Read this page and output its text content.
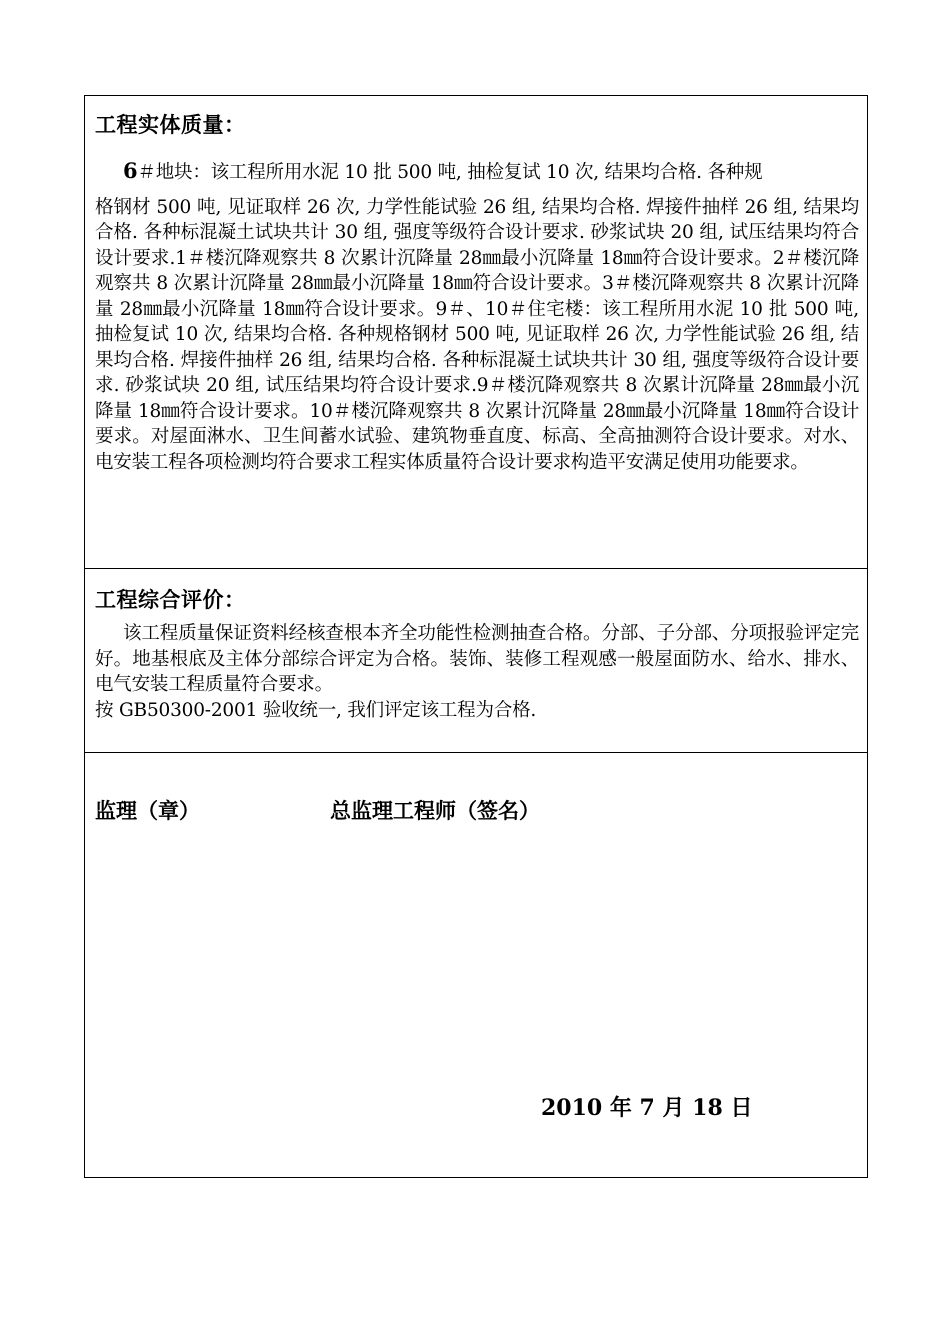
工程实体质量：
6＃地块：该工程所用水泥 10 批 500 吨, 抽检复试 10 次, 结果均合格. 各种规
格钢材 500 吨, 见证取样 26 次, 力学性能试验 26 组, 结果均合格. 焊接件抽样 26 组, 结果均合格. 各种标混凝土试块共计 30 组, 强度等级符合设计要求. 砂浆试块 20 组, 试压结果均符合设计要求.1＃楼沉降观察共 8 次累计沉降量 28㎜最小沉降量 18㎜符合设计要求。2＃楼沉降观察共 8 次累计沉降量 28㎜最小沉降量 18㎜符合设计要求。3＃楼沉降观察共 8 次累计沉降量 28㎜最小沉降量 18㎜符合设计要求。9＃、10＃住宅楼：该工程所用水泥 10 批 500 吨, 抽检复试 10 次, 结果均合格. 各种规格钢材 500 吨, 见证取样 26 次, 力学性能试验 26 组, 结果均合格. 焊接件抽样 26 组, 结果均合格. 各种标混凝土试块共计 30 组, 强度等级符合设计要求. 砂浆试块 20 组, 试压结果均符合设计要求.9＃楼沉降观察共 8 次累计沉降量 28㎜最小沉降量 18㎜符合设计要求。10＃楼沉降观察共 8 次累计沉降量 28㎜最小沉降量 18㎜符合设计要求。对屋面淋水、卫生间蓄水试验、建筑物垂直度、标高、全高抽测符合设计要求。对水、电安装工程各项检测均符合要求工程实体质量符合设计要求构造平安满足使用功能要求。
工程综合评价：
该工程质量保证资料经核查根本齐全功能性检测抽查合格。分部、子分部、分项报验评定完好。地基根底及主体分部综合评定为合格。装饰、装修工程观感一般屋面防水、给水、排水、电气安装工程质量符合要求。
按 GB50300-2001 验收统一, 我们评定该工程为合格.
监理（章）	总监理工程师（签名）
2010 年 7 月 18 日
